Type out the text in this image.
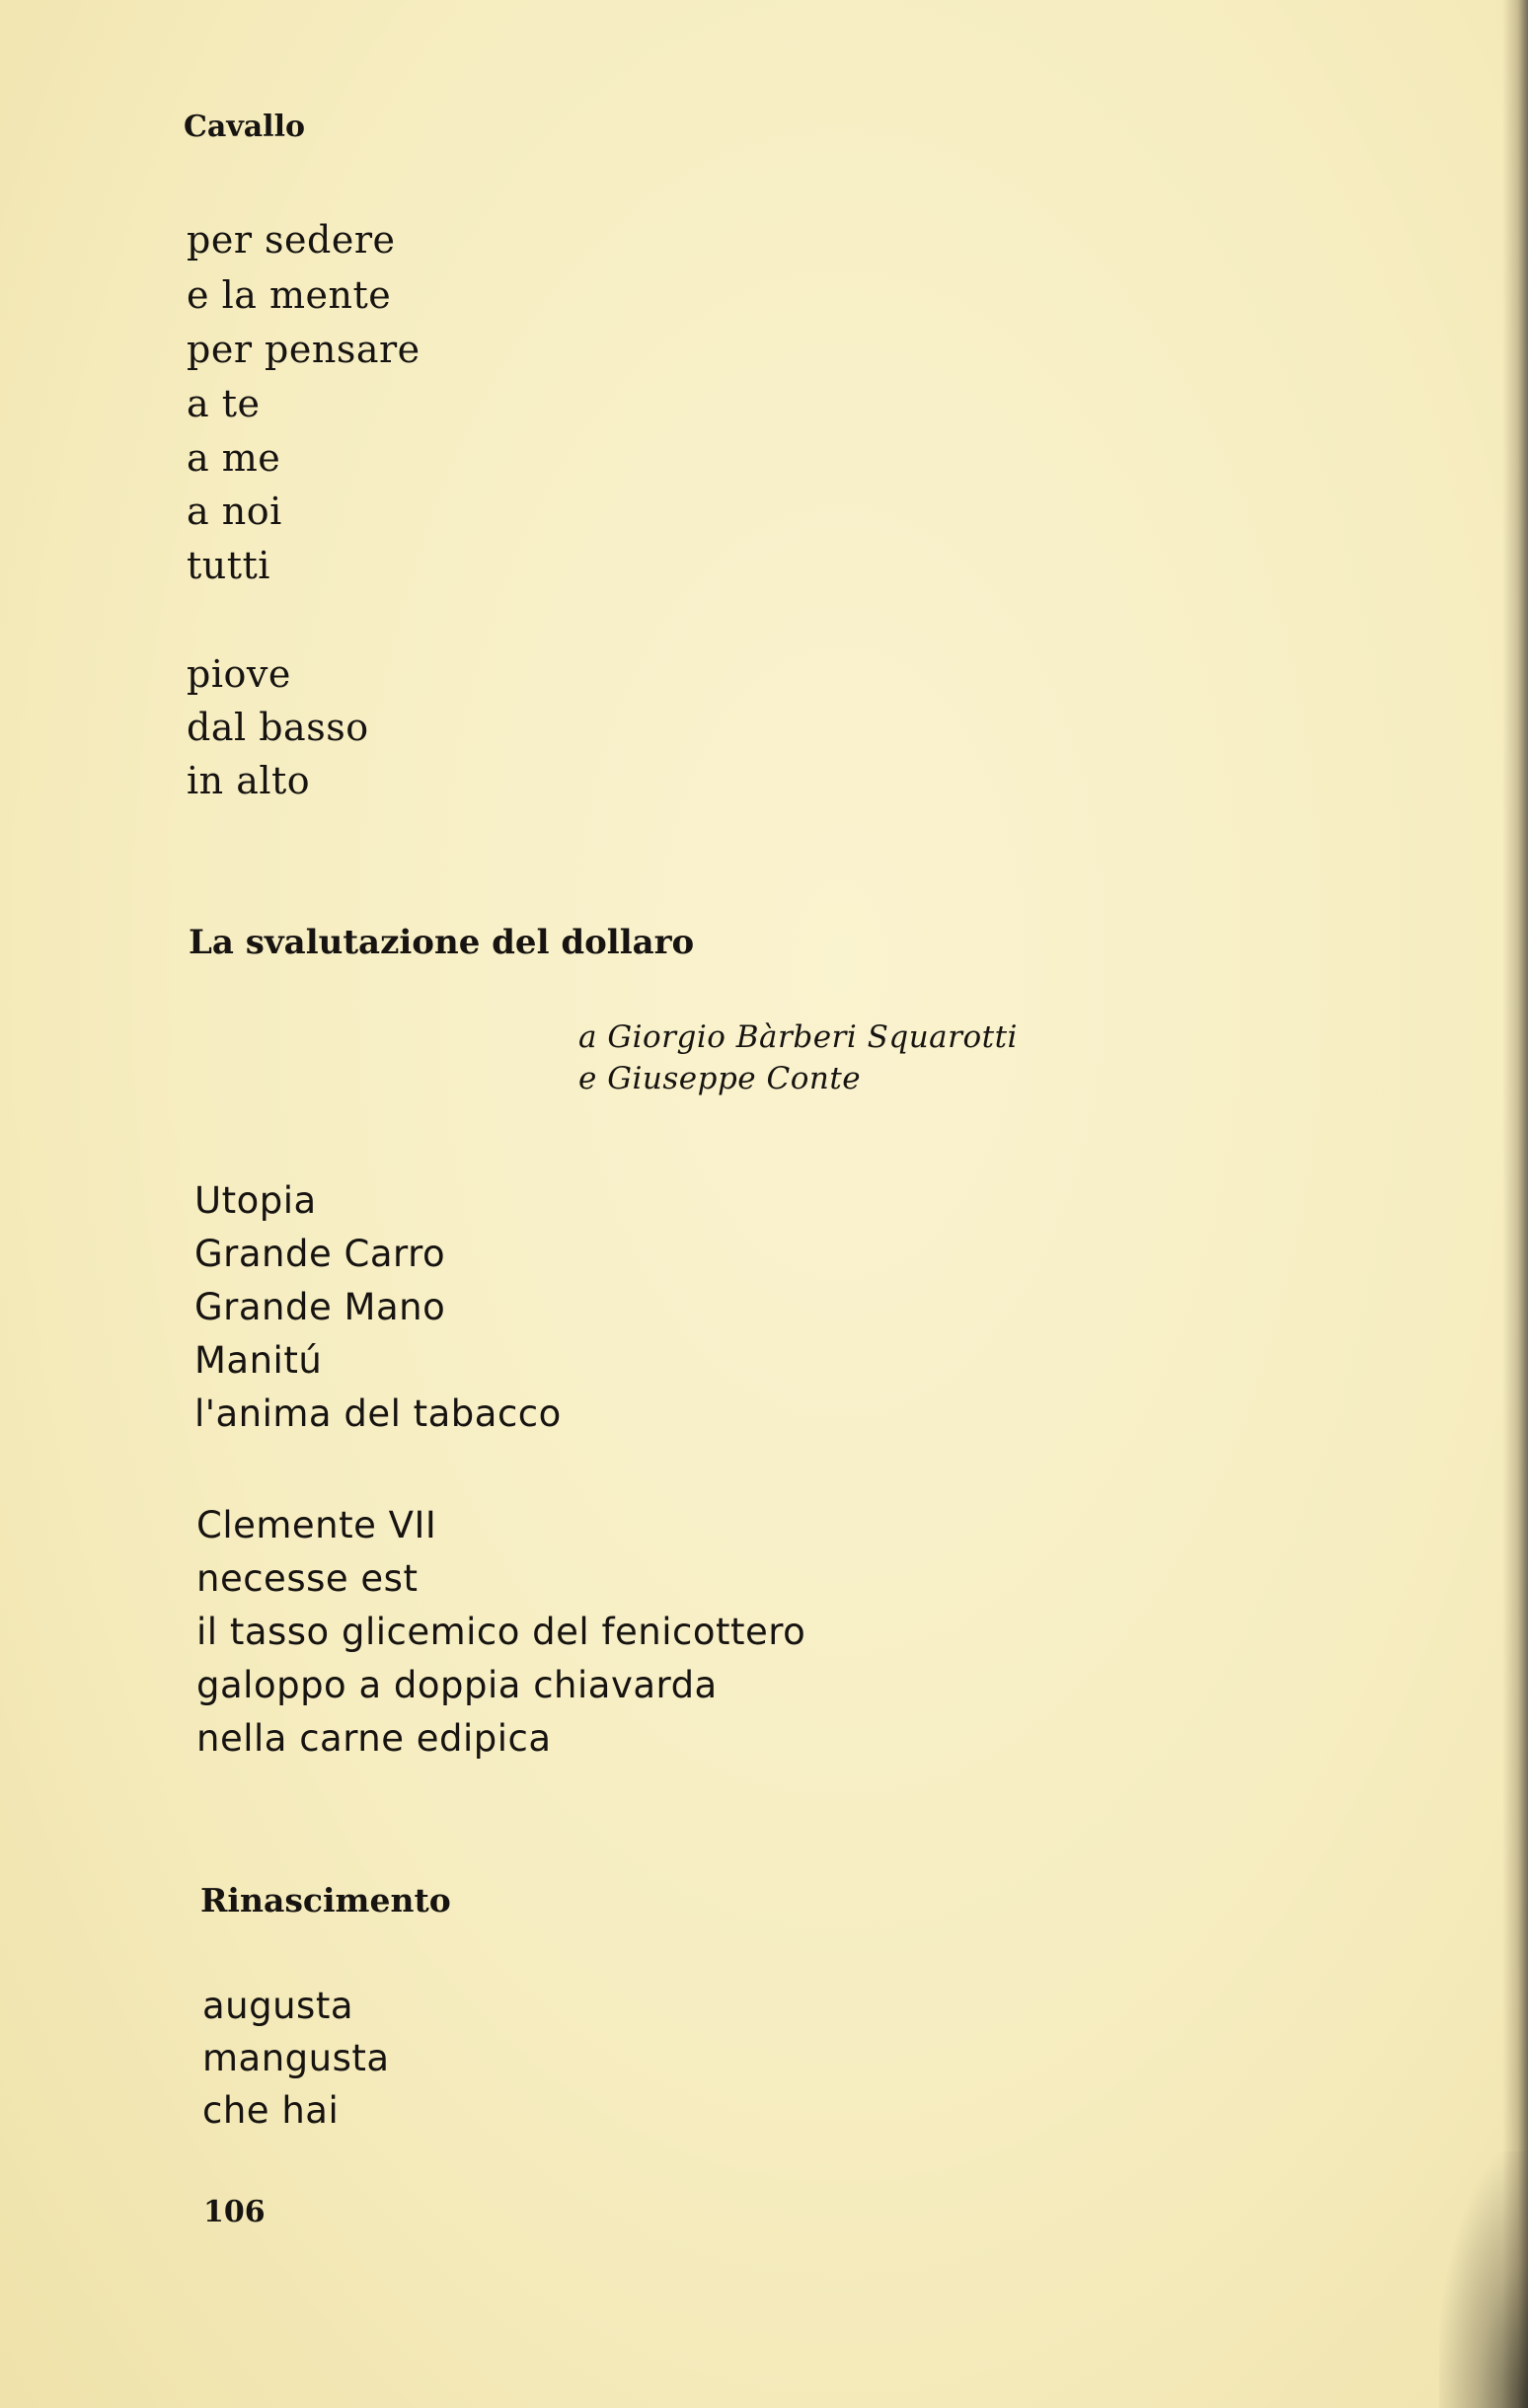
Cavallo
per sedere
e la mente
per pensare
a te
a me
a noi
tutti
piove
dal basso
in alto
La svalutazione del dollaro
a Giorgio Bàrberi Squarotti
e Giuseppe Conte
Utopia
Grande Carro
Grande Mano
Manitú
l'anima del tabacco
Clemente VII
necesse est
il tasso glicemico del fenicottero
galoppo a doppia chiavarda
nella carne edipica
Rinascimento
augusta
mangusta
che hai
106
